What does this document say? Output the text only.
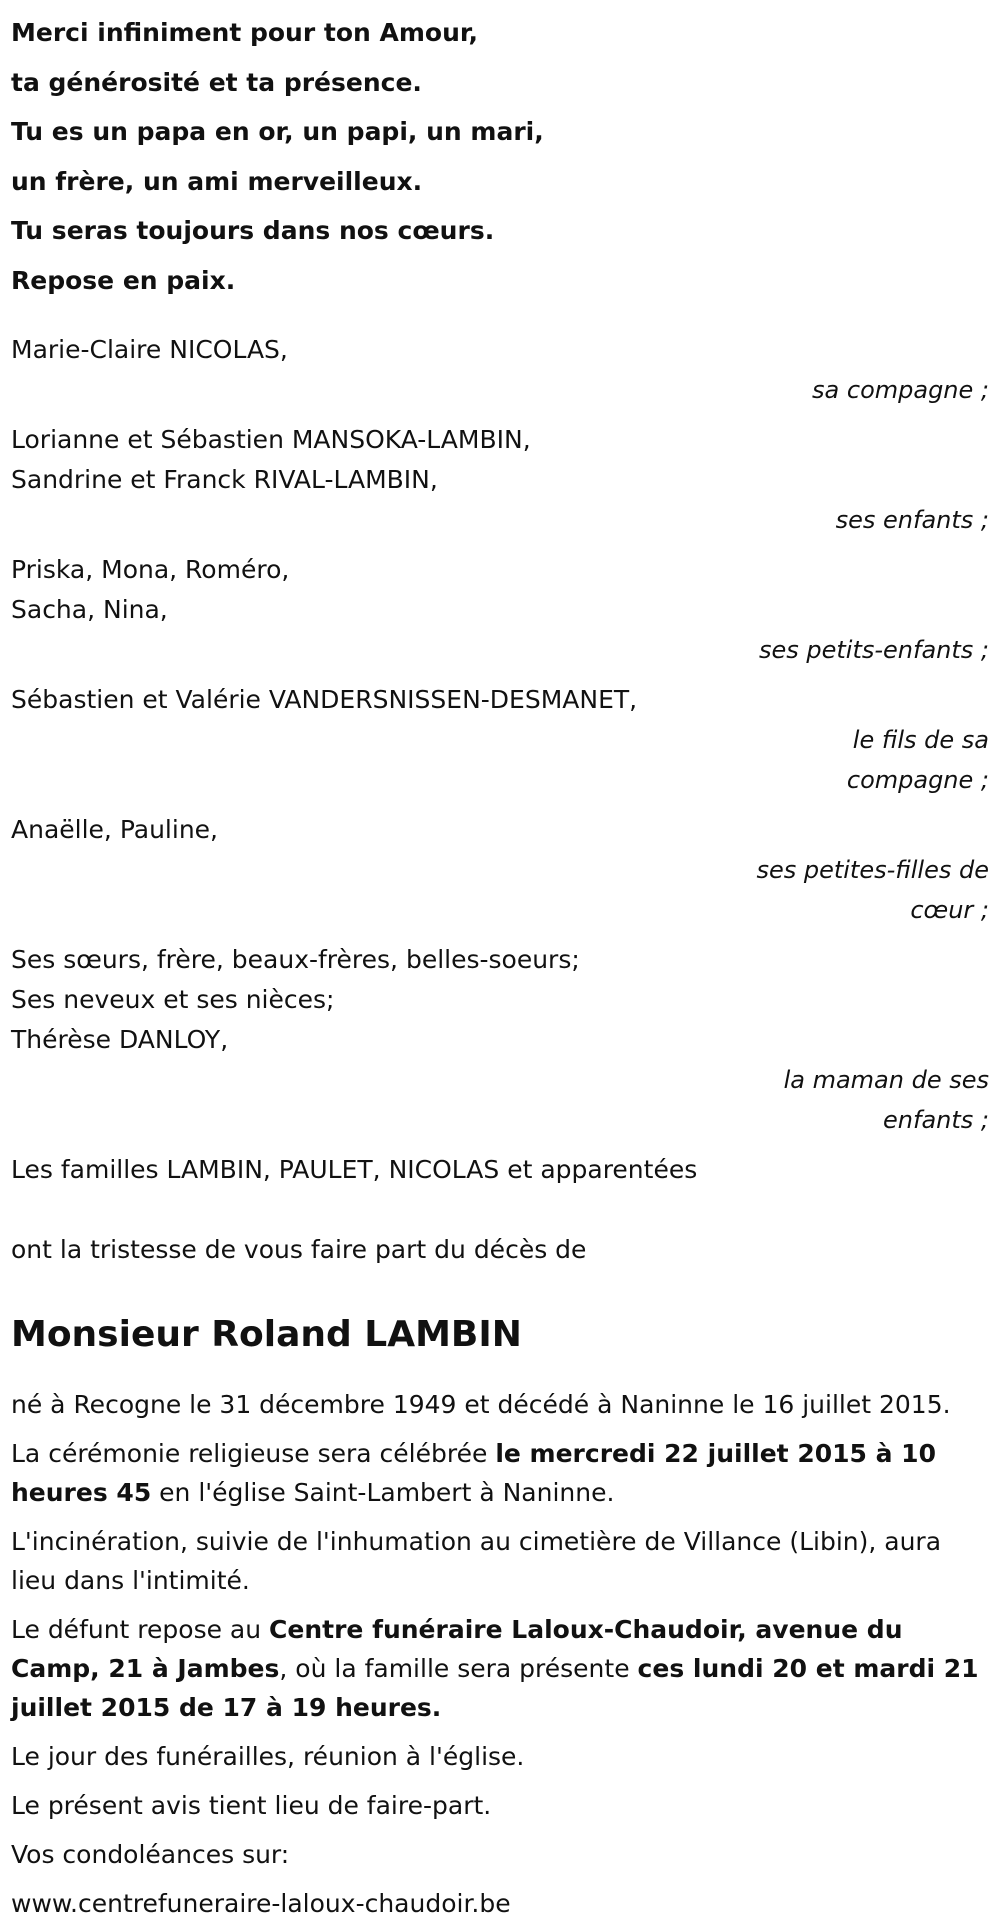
Merci infiniment pour ton Amour,
ta générosité et ta présence.
Tu es un papa en or, un papi, un mari,
un frère, un ami merveilleux.
Tu seras toujours dans nos cœurs.
Repose en paix.
Marie-Claire NICOLAS,
sa compagne ;
Lorianne et Sébastien MANSOKA-LAMBIN,
Sandrine et Franck RIVAL-LAMBIN,
ses enfants ;
Priska, Mona, Roméro,
Sacha, Nina,
ses petits-enfants ;
Sébastien et Valérie VANDERSNISSEN-DESMANET,
le fils de sa
compagne ;
Anaëlle, Pauline,
ses petites-filles de
cœur ;
Ses sœurs, frère, beaux-frères, belles-soeurs;
Ses neveux et ses nièces;
Thérèse DANLOY,
la maman de ses
enfants ;
Les familles LAMBIN, PAULET, NICOLAS et apparentées
ont la tristesse de vous faire part du décès de
Monsieur Roland LAMBIN
né à Recogne le 31 décembre 1949 et décédé à Naninne le 16 juillet 2015.
La cérémonie religieuse sera célébrée le mercredi 22 juillet 2015 à 10 heures 45 en l'église Saint-Lambert à Naninne.
L'incinération, suivie de l'inhumation au cimetière de Villance (Libin), aura lieu dans l'intimité.
Le défunt repose au Centre funéraire Laloux-Chaudoir, avenue du Camp, 21 à Jambes, où la famille sera présente ces lundi 20 et mardi 21 juillet 2015 de 17 à 19 heures.
Le jour des funérailles, réunion à l'église.
Le présent avis tient lieu de faire-part.
Vos condoléances sur:
www.centrefuneraire-laloux-chaudoir.be
